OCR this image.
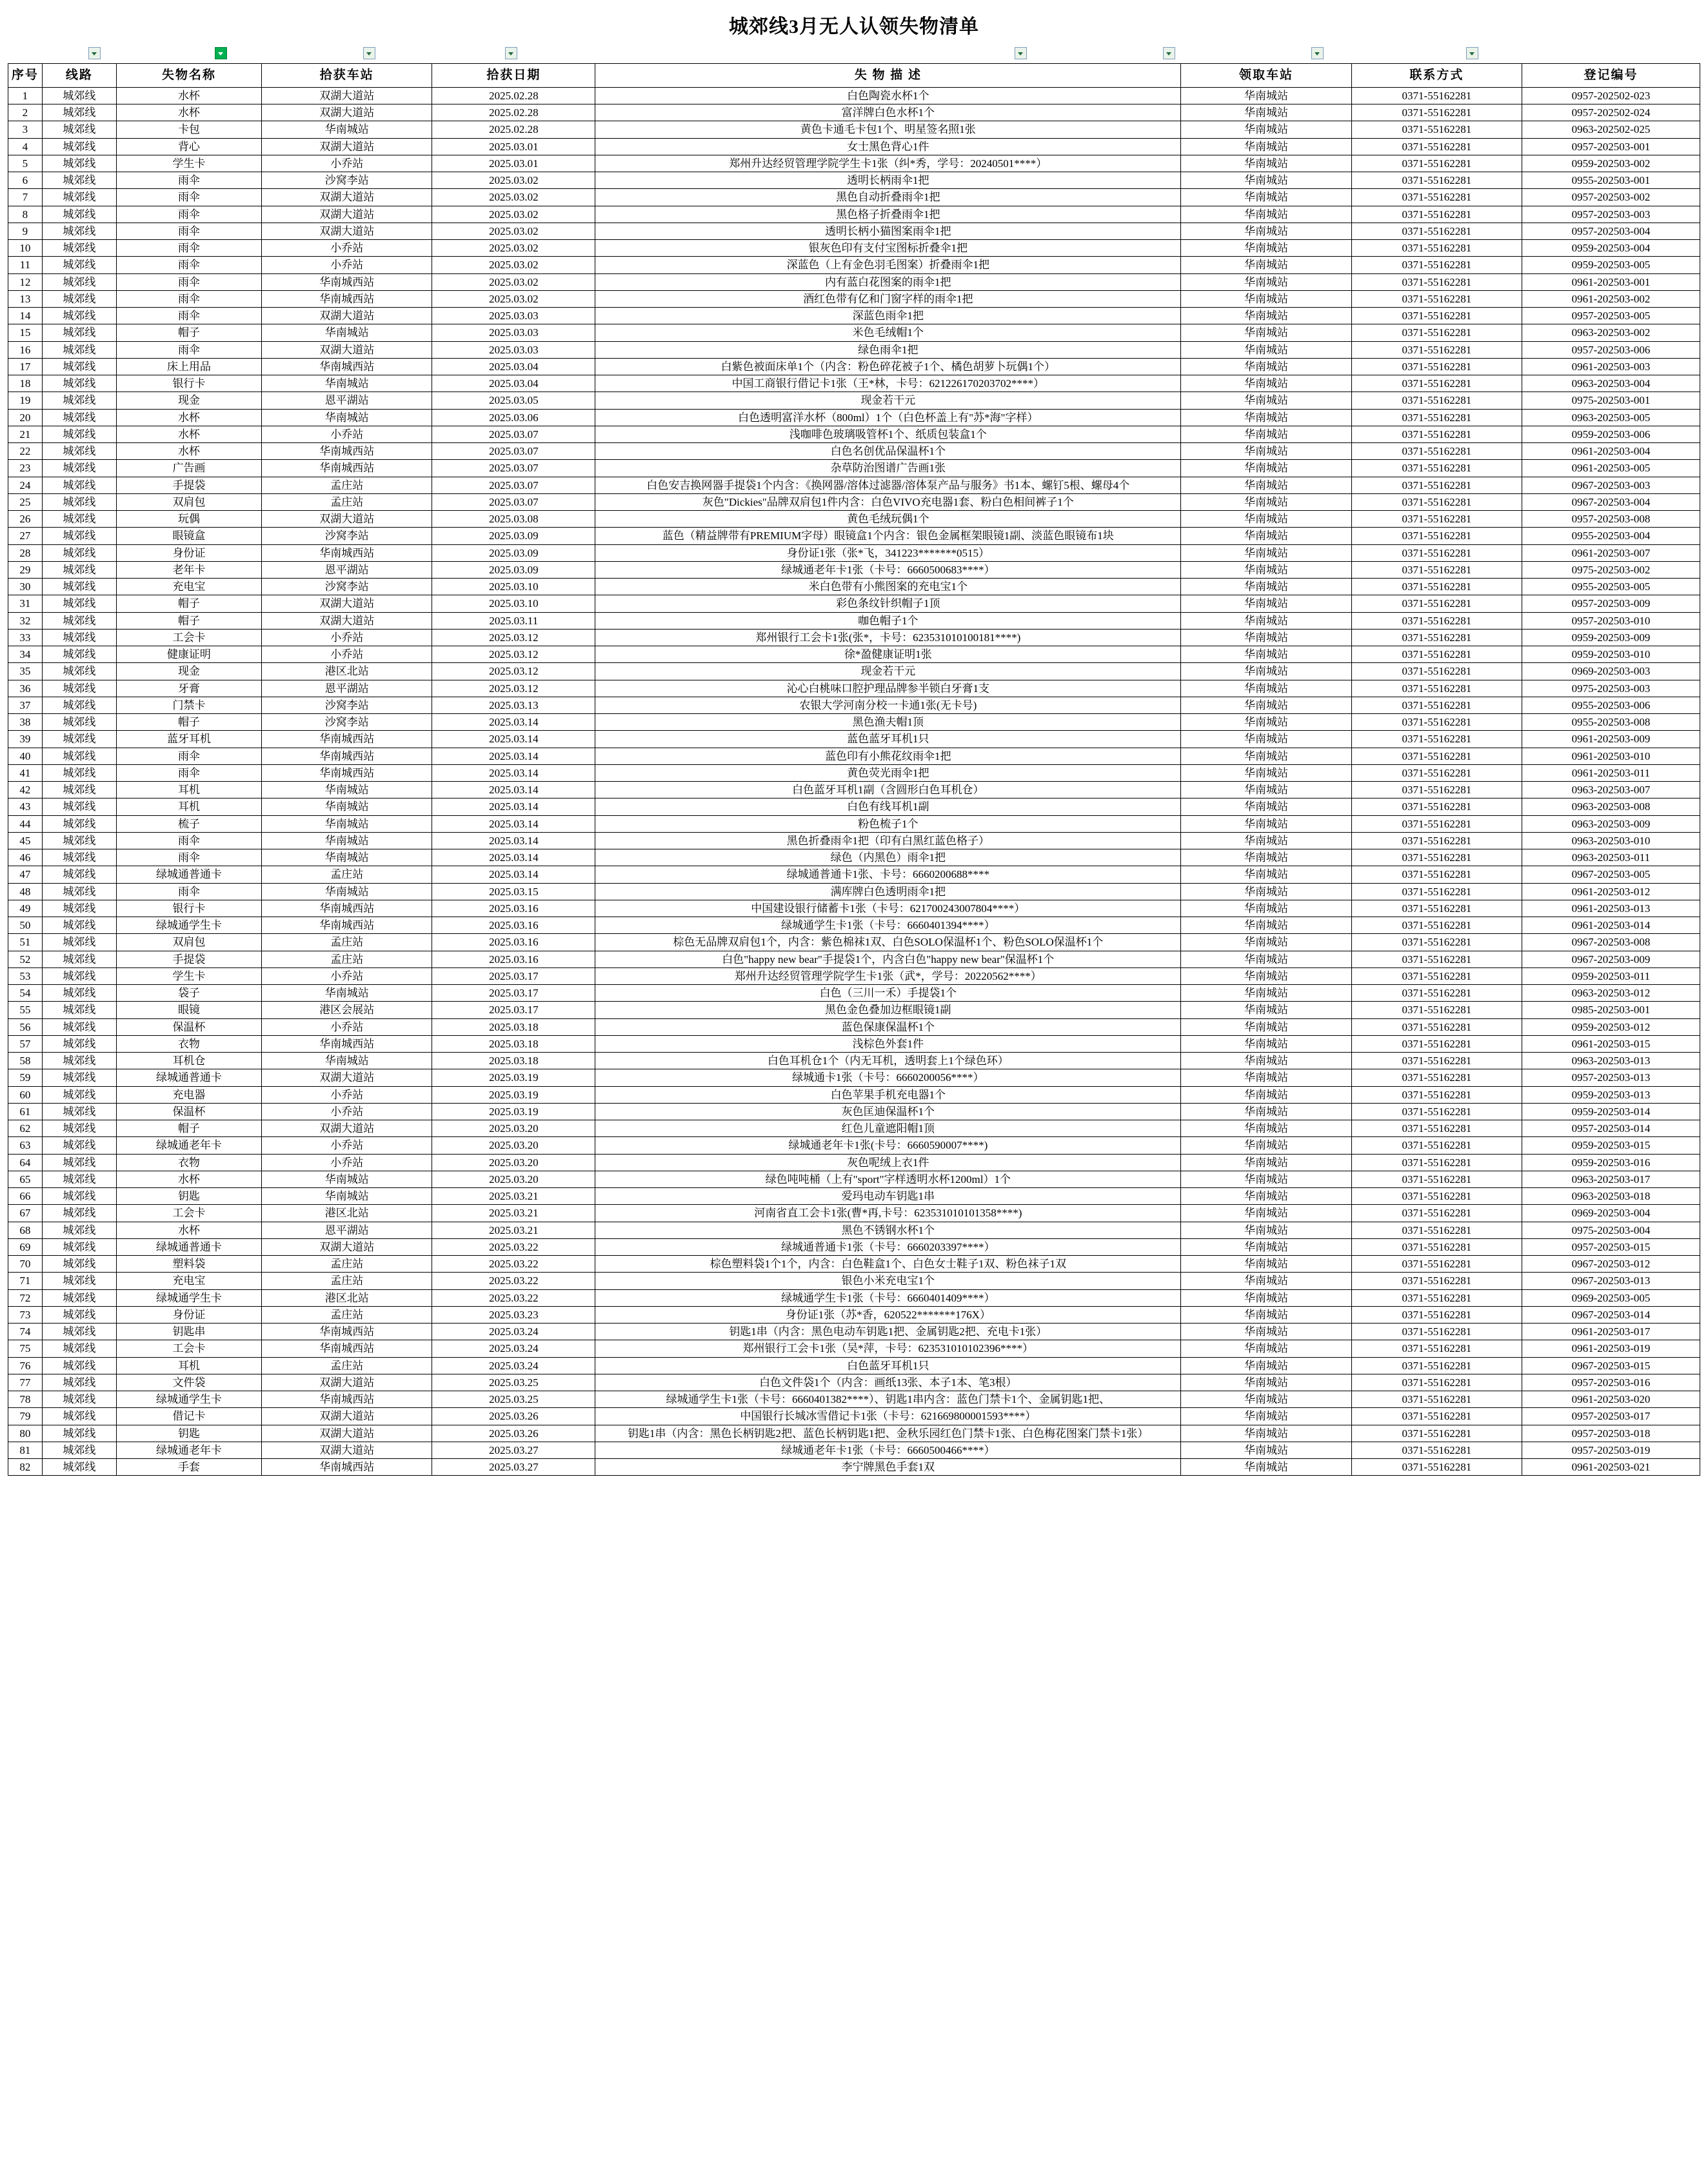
城郊线3月无人认领失物清单
序号	线路	失物名称	拾获车站	拾获日期	失 物 描 述	领取车站	联系方式	登记编号
1	城郊线	水杯	双湖大道站	2025.02.28	白色陶瓷水杯1个	华南城站	0371-55162281	0957-202502-023
2	城郊线	水杯	双湖大道站	2025.02.28	富洋牌白色水杯1个	华南城站	0371-55162281	0957-202502-024
3	城郊线	卡包	华南城站	2025.02.28	黄色卡通毛卡包1个、明星签名照1张	华南城站	0371-55162281	0963-202502-025
4	城郊线	背心	双湖大道站	2025.03.01	女士黑色背心1件	华南城站	0371-55162281	0957-202503-001
5	城郊线	学生卡	小乔站	2025.03.01	郑州升达经贸管理学院学生卡1张（纠*秀，学号：20240501****）	华南城站	0371-55162281	0959-202503-002
6	城郊线	雨伞	沙窝李站	2025.03.02	透明长柄雨伞1把	华南城站	0371-55162281	0955-202503-001
7	城郊线	雨伞	双湖大道站	2025.03.02	黑色自动折叠雨伞1把	华南城站	0371-55162281	0957-202503-002
8	城郊线	雨伞	双湖大道站	2025.03.02	黑色格子折叠雨伞1把	华南城站	0371-55162281	0957-202503-003
9	城郊线	雨伞	双湖大道站	2025.03.02	透明长柄小猫图案雨伞1把	华南城站	0371-55162281	0957-202503-004
10	城郊线	雨伞	小乔站	2025.03.02	银灰色印有支付宝图标折叠伞1把	华南城站	0371-55162281	0959-202503-004
11	城郊线	雨伞	小乔站	2025.03.02	深蓝色（上有金色羽毛图案）折叠雨伞1把	华南城站	0371-55162281	0959-202503-005
12	城郊线	雨伞	华南城西站	2025.03.02	内有蓝白花图案的雨伞1把	华南城站	0371-55162281	0961-202503-001
13	城郊线	雨伞	华南城西站	2025.03.02	酒红色带有亿和门窗字样的雨伞1把	华南城站	0371-55162281	0961-202503-002
14	城郊线	雨伞	双湖大道站	2025.03.03	深蓝色雨伞1把	华南城站	0371-55162281	0957-202503-005
15	城郊线	帽子	华南城站	2025.03.03	米色毛绒帽1个	华南城站	0371-55162281	0963-202503-002
16	城郊线	雨伞	双湖大道站	2025.03.03	绿色雨伞1把	华南城站	0371-55162281	0957-202503-006
17	城郊线	床上用品	华南城西站	2025.03.04	白紫色被面床单1个（内含：粉色碎花被子1个、橘色胡萝卜玩偶1个）	华南城站	0371-55162281	0961-202503-003
18	城郊线	银行卡	华南城站	2025.03.04	中国工商银行借记卡1张（王*林，卡号：621226170203702****）	华南城站	0371-55162281	0963-202503-004
19	城郊线	现金	恩平湖站	2025.03.05	现金若干元	华南城站	0371-55162281	0975-202503-001
20	城郊线	水杯	华南城站	2025.03.06	白色透明富洋水杯（800ml）1个（白色杯盖上有"苏*海"字样）	华南城站	0371-55162281	0963-202503-005
21	城郊线	水杯	小乔站	2025.03.07	浅咖啡色玻璃吸管杯1个、纸质包装盒1个	华南城站	0371-55162281	0959-202503-006
22	城郊线	水杯	华南城西站	2025.03.07	白色名创优品保温杯1个	华南城站	0371-55162281	0961-202503-004
23	城郊线	广告画	华南城西站	2025.03.07	杂草防治图谱广告画1张	华南城站	0371-55162281	0961-202503-005
24	城郊线	手提袋	孟庄站	2025.03.07	白色安吉换网器手提袋1个内含：《换网器/溶体过滤器/溶体泵产品与服务》书1本、螺钉5根、螺母4个	华南城站	0371-55162281	0967-202503-003
25	城郊线	双肩包	孟庄站	2025.03.07	灰色"Dickies"品牌双肩包1件内含：白色VIVO充电器1套、粉白色相间裤子1个	华南城站	0371-55162281	0967-202503-004
26	城郊线	玩偶	双湖大道站	2025.03.08	黄色毛绒玩偶1个	华南城站	0371-55162281	0957-202503-008
27	城郊线	眼镜盒	沙窝李站	2025.03.09	蓝色（精益牌带有PREMIUM字母）眼镜盒1个内含：银色金属框架眼镜1副、淡蓝色眼镜布1块	华南城站	0371-55162281	0955-202503-004
28	城郊线	身份证	华南城西站	2025.03.09	身份证1张（张*飞，341223*******0515）	华南城站	0371-55162281	0961-202503-007
29	城郊线	老年卡	恩平湖站	2025.03.09	绿城通老年卡1张（卡号：6660500683****）	华南城站	0371-55162281	0975-202503-002
30	城郊线	充电宝	沙窝李站	2025.03.10	米白色带有小熊图案的充电宝1个	华南城站	0371-55162281	0955-202503-005
31	城郊线	帽子	双湖大道站	2025.03.10	彩色条纹针织帽子1顶	华南城站	0371-55162281	0957-202503-009
32	城郊线	帽子	双湖大道站	2025.03.11	咖色帽子1个	华南城站	0371-55162281	0957-202503-010
33	城郊线	工会卡	小乔站	2025.03.12	郑州银行工会卡1张(张*，卡号：623531010100181****)	华南城站	0371-55162281	0959-202503-009
34	城郊线	健康证明	小乔站	2025.03.12	徐*盈健康证明1张	华南城站	0371-55162281	0959-202503-010
35	城郊线	现金	港区北站	2025.03.12	现金若干元	华南城站	0371-55162281	0969-202503-003
36	城郊线	牙膏	恩平湖站	2025.03.12	沁心白桃味口腔护理品牌参半锁白牙膏1支	华南城站	0371-55162281	0975-202503-003
37	城郊线	门禁卡	沙窝李站	2025.03.13	农银大学河南分校一卡通1张(无卡号)	华南城站	0371-55162281	0955-202503-006
38	城郊线	帽子	沙窝李站	2025.03.14	黑色渔夫帽1顶	华南城站	0371-55162281	0955-202503-008
39	城郊线	蓝牙耳机	华南城西站	2025.03.14	蓝色蓝牙耳机1只	华南城站	0371-55162281	0961-202503-009
40	城郊线	雨伞	华南城西站	2025.03.14	蓝色印有小熊花纹雨伞1把	华南城站	0371-55162281	0961-202503-010
41	城郊线	雨伞	华南城西站	2025.03.14	黄色荧光雨伞1把	华南城站	0371-55162281	0961-202503-011
42	城郊线	耳机	华南城站	2025.03.14	白色蓝牙耳机1副（含圆形白色耳机仓）	华南城站	0371-55162281	0963-202503-007
43	城郊线	耳机	华南城站	2025.03.14	白色有线耳机1副	华南城站	0371-55162281	0963-202503-008
44	城郊线	梳子	华南城站	2025.03.14	粉色梳子1个	华南城站	0371-55162281	0963-202503-009
45	城郊线	雨伞	华南城站	2025.03.14	黑色折叠雨伞1把（印有白黑红蓝色格子）	华南城站	0371-55162281	0963-202503-010
46	城郊线	雨伞	华南城站	2025.03.14	绿色（内黑色）雨伞1把	华南城站	0371-55162281	0963-202503-011
47	城郊线	绿城通普通卡	孟庄站	2025.03.14	绿城通普通卡1张、卡号：6660200688****	华南城站	0371-55162281	0967-202503-005
48	城郊线	雨伞	华南城站	2025.03.15	满库牌白色透明雨伞1把	华南城站	0371-55162281	0961-202503-012
49	城郊线	银行卡	华南城西站	2025.03.16	中国建设银行储蓄卡1张（卡号：621700243007804****）	华南城站	0371-55162281	0961-202503-013
50	城郊线	绿城通学生卡	华南城西站	2025.03.16	绿城通学生卡1张（卡号：6660401394****）	华南城站	0371-55162281	0961-202503-014
51	城郊线	双肩包	孟庄站	2025.03.16	棕色无品牌双肩包1个，内含：紫色棉袜1双、白色SOLO保温杯1个、粉色SOLO保温杯1个	华南城站	0371-55162281	0967-202503-008
52	城郊线	手提袋	孟庄站	2025.03.16	白色"happy new bear"手提袋1个，内含白色"happy new bear"保温杯1个	华南城站	0371-55162281	0967-202503-009
53	城郊线	学生卡	小乔站	2025.03.17	郑州升达经贸管理学院学生卡1张（武*，学号：20220562****）	华南城站	0371-55162281	0959-202503-011
54	城郊线	袋子	华南城站	2025.03.17	白色（三川一禾）手提袋1个	华南城站	0371-55162281	0963-202503-012
55	城郊线	眼镜	港区会展站	2025.03.17	黑色金色叠加边框眼镜1副	华南城站	0371-55162281	0985-202503-001
56	城郊线	保温杯	小乔站	2025.03.18	蓝色保康保温杯1个	华南城站	0371-55162281	0959-202503-012
57	城郊线	衣物	华南城西站	2025.03.18	浅棕色外套1件	华南城站	0371-55162281	0961-202503-015
58	城郊线	耳机仓	华南城站	2025.03.18	白色耳机仓1个（内无耳机，透明套上1个绿色环）	华南城站	0371-55162281	0963-202503-013
59	城郊线	绿城通普通卡	双湖大道站	2025.03.19	绿城通卡1张（卡号：6660200056****）	华南城站	0371-55162281	0957-202503-013
60	城郊线	充电器	小乔站	2025.03.19	白色苹果手机充电器1个	华南城站	0371-55162281	0959-202503-013
61	城郊线	保温杯	小乔站	2025.03.19	灰色匡迪保温杯1个	华南城站	0371-55162281	0959-202503-014
62	城郊线	帽子	双湖大道站	2025.03.20	红色儿童遮阳帽1顶	华南城站	0371-55162281	0957-202503-014
63	城郊线	绿城通老年卡	小乔站	2025.03.20	绿城通老年卡1张(卡号：6660590007****)	华南城站	0371-55162281	0959-202503-015
64	城郊线	衣物	小乔站	2025.03.20	灰色呢绒上衣1件	华南城站	0371-55162281	0959-202503-016
65	城郊线	水杯	华南城站	2025.03.20	绿色吨吨桶（上有"sport"字样透明水杯1200ml）1个	华南城站	0371-55162281	0963-202503-017
66	城郊线	钥匙	华南城站	2025.03.21	爱玛电动车钥匙1串	华南城站	0371-55162281	0963-202503-018
67	城郊线	工会卡	港区北站	2025.03.21	河南省直工会卡1张(曹*再,卡号：623531010101358****)	华南城站	0371-55162281	0969-202503-004
68	城郊线	水杯	恩平湖站	2025.03.21	黑色不锈钢水杯1个	华南城站	0371-55162281	0975-202503-004
69	城郊线	绿城通普通卡	双湖大道站	2025.03.22	绿城通普通卡1张（卡号：6660203397****）	华南城站	0371-55162281	0957-202503-015
70	城郊线	塑料袋	孟庄站	2025.03.22	棕色塑料袋1个1个，内含：白色鞋盒1个、白色女士鞋子1双、粉色袜子1双	华南城站	0371-55162281	0967-202503-012
71	城郊线	充电宝	孟庄站	2025.03.22	银色小米充电宝1个	华南城站	0371-55162281	0967-202503-013
72	城郊线	绿城通学生卡	港区北站	2025.03.22	绿城通学生卡1张（卡号：6660401409****）	华南城站	0371-55162281	0969-202503-005
73	城郊线	身份证	孟庄站	2025.03.23	身份证1张（苏*香，620522*******176X）	华南城站	0371-55162281	0967-202503-014
74	城郊线	钥匙串	华南城西站	2025.03.24	钥匙1串（内含：黑色电动车钥匙1把、金属钥匙2把、充电卡1张）	华南城站	0371-55162281	0961-202503-017
75	城郊线	工会卡	华南城西站	2025.03.24	郑州银行工会卡1张（吴*萍，卡号：623531010102396****）	华南城站	0371-55162281	0961-202503-019
76	城郊线	耳机	孟庄站	2025.03.24	白色蓝牙耳机1只	华南城站	0371-55162281	0967-202503-015
77	城郊线	文件袋	双湖大道站	2025.03.25	白色文件袋1个（内含：画纸13张、本子1本、笔3根）	华南城站	0371-55162281	0957-202503-016
78	城郊线	绿城通学生卡	华南城西站	2025.03.25	绿城通学生卡1张（卡号：6660401382****）、钥匙1串内含：蓝色门禁卡1个、金属钥匙1把、	华南城站	0371-55162281	0961-202503-020
79	城郊线	借记卡	双湖大道站	2025.03.26	中国银行长城冰雪借记卡1张（卡号：621669800001593****）	华南城站	0371-55162281	0957-202503-017
80	城郊线	钥匙	双湖大道站	2025.03.26	钥匙1串（内含：黑色长柄钥匙2把、蓝色长柄钥匙1把、金秋乐园红色门禁卡1张、白色梅花图案门禁卡1张）	华南城站	0371-55162281	0957-202503-018
81	城郊线	绿城通老年卡	双湖大道站	2025.03.27	绿城通老年卡1张（卡号：6660500466****）	华南城站	0371-55162281	0957-202503-019
82	城郊线	手套	华南城西站	2025.03.27	李宁牌黑色手套1双	华南城站	0371-55162281	0961-202503-021
